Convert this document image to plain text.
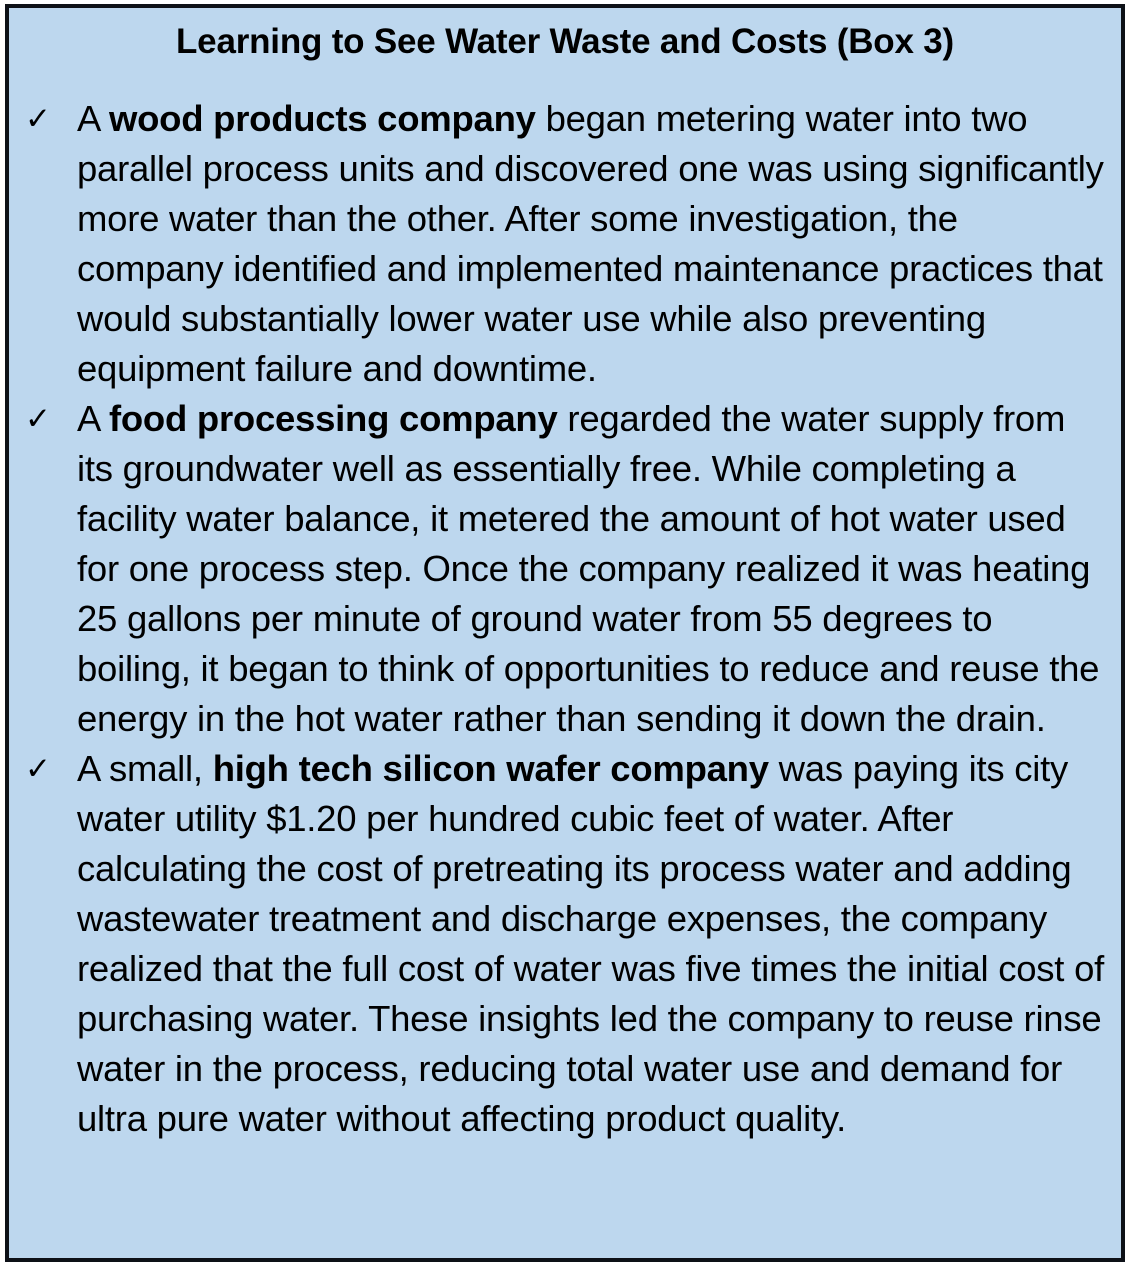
Learning to See Water Waste and Costs (Box 3)
✓ A wood products company began metering water into two parallel process units and discovered one was using significantly more water than the other. After some investigation, the company identified and implemented maintenance practices that would substantially lower water use while also preventing equipment failure and downtime.
✓ A food processing company regarded the water supply from its groundwater well as essentially free. While completing a facility water balance, it metered the amount of hot water used for one process step. Once the company realized it was heating 25 gallons per minute of ground water from 55 degrees to boiling, it began to think of opportunities to reduce and reuse the energy in the hot water rather than sending it down the drain.
✓ A small, high tech silicon wafer company was paying its city water utility $1.20 per hundred cubic feet of water. After calculating the cost of pretreating its process water and adding wastewater treatment and discharge expenses, the company realized that the full cost of water was five times the initial cost of purchasing water. These insights led the company to reuse rinse water in the process, reducing total water use and demand for ultra pure water without affecting product quality.
